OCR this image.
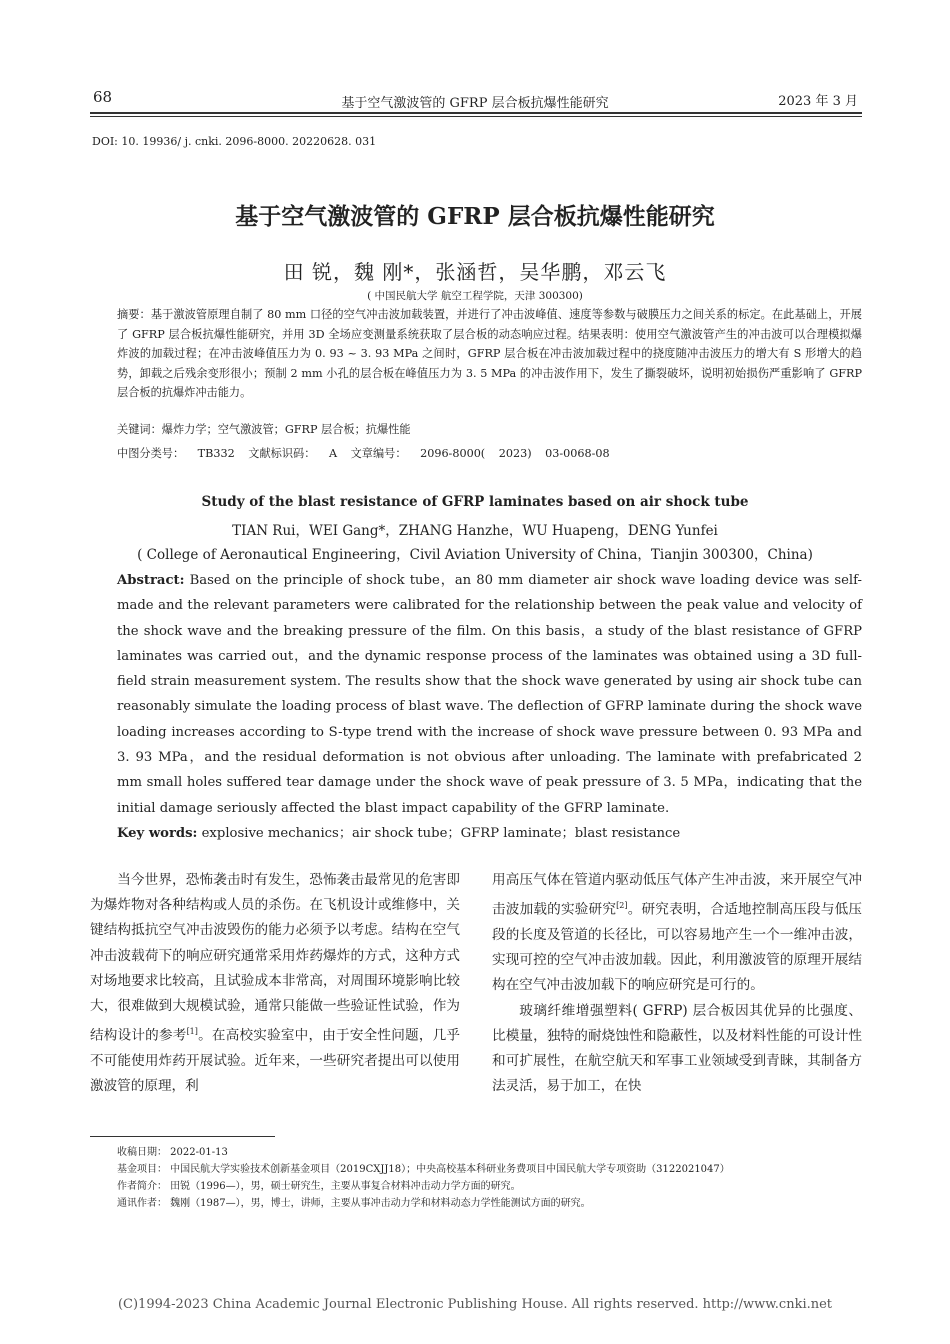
68	基于空气激波管的 GFRP 层合板抗爆性能研究	2023 年 3 月
DOI: 10. 19936/ j. cnki. 2096-8000. 20220628. 031
基于空气激波管的 GFRP 层合板抗爆性能研究
田 锐，魏 刚*，张涵哲，吴华鹏，邓云飞
( 中国民航大学 航空工程学院，天津 300300)
摘要：基于激波管原理自制了 80 mm 口径的空气冲击波加载装置，并进行了冲击波峰值、速度等参数与破膜压力之间关系的标定。在此基础上，开展了 GFRP 层合板抗爆性能研究，并用 3D 全场应变测量系统获取了层合板的动态响应过程。结果表明：使用空气激波管产生的冲击波可以合理模拟爆炸波的加载过程；在冲击波峰值压力为 0. 93 ~ 3. 93 MPa 之间时，GFRP 层合板在冲击波加载过程中的挠度随冲击波压力的增大有 S 形增大的趋势，卸载之后残余变形很小；预制 2 mm 小孔的层合板在峰值压力为 3. 5 MPa 的冲击波作用下，发生了撕裂破坏，说明初始损伤严重影响了 GFRP 层合板的抗爆炸冲击能力。
关键词：爆炸力学；空气激波管；GFRP 层合板；抗爆性能
中图分类号： TB332 文献标识码： A 文章编号： 2096-8000( 2023) 03-0068-08
Study of the blast resistance of GFRP laminates based on air shock tube
TIAN Rui，WEI Gang*，ZHANG Hanzhe，WU Huapeng，DENG Yunfei
( College of Aeronautical Engineering，Civil Aviation University of China，Tianjin 300300，China)
Abstract: Based on the principle of shock tube，an 80 mm diameter air shock wave loading device was self-made and the relevant parameters were calibrated for the relationship between the peak value and velocity of the shock wave and the breaking pressure of the film. On this basis，a study of the blast resistance of GFRP laminates was carried out，and the dynamic response process of the laminates was obtained using a 3D full-field strain measurement system. The results show that the shock wave generated by using air shock tube can reasonably simulate the loading process of blast wave. The deflection of GFRP laminate during the shock wave loading increases according to S-type trend with the increase of shock wave pressure between 0. 93 MPa and 3. 93 MPa，and the residual deformation is not obvious after unloading. The laminate with prefabricated 2 mm small holes suffered tear damage under the shock wave of peak pressure of 3. 5 MPa，indicating that the initial damage seriously affected the blast impact capability of the GFRP laminate.
Key words: explosive mechanics；air shock tube；GFRP laminate；blast resistance
当今世界，恐怖袭击时有发生，恐怖袭击最常见的危害即为爆炸物对各种结构或人员的杀伤。在飞机设计或维修中，关键结构抵抗空气冲击波毁伤的能力必须予以考虑。结构在空气冲击波载荷下的响应研究通常采用炸药爆炸的方式，这种方式对场地要求比较高，且试验成本非常高，对周围环境影响比较大，很难做到大规模试验，通常只能做一些验证性试验，作为结构设计的参考[1]。在高校实验室中，由于安全性问题，几乎不可能使用炸药开展试验。近年来，一些研究者提出可以使用激波管的原理，利
用高压气体在管道内驱动低压气体产生冲击波，来开展空气冲击波加载的实验研究[2]。研究表明，合适地控制高压段与低压段的长度及管道的长径比，可以容易地产生一个一维冲击波，实现可控的空气冲击波加载。因此，利用激波管的原理开展结构在空气冲击波加载下的响应研究是可行的。
玻璃纤维增强塑料( GFRP) 层合板因其优异的比强度、比模量，独特的耐烧蚀性和隐蔽性，以及材料性能的可设计性和可扩展性，在航空航天和军事工业领域受到青睐，其制备方法灵活，易于加工，在快
收稿日期： 2022-01-13
基金项目： 中国民航大学实验技术创新基金项目（2019CXJJ18）；中央高校基本科研业务费项目中国民航大学专项资助（3122021047）
作者简介： 田锐（1996—），男，硕士研究生，主要从事复合材料冲击动力学方面的研究。
通讯作者： 魏刚（1987—），男，博士，讲师，主要从事冲击动力学和材料动态力学性能测试方面的研究。
(C)1994-2023 China Academic Journal Electronic Publishing House. All rights reserved. http://www.cnki.net
